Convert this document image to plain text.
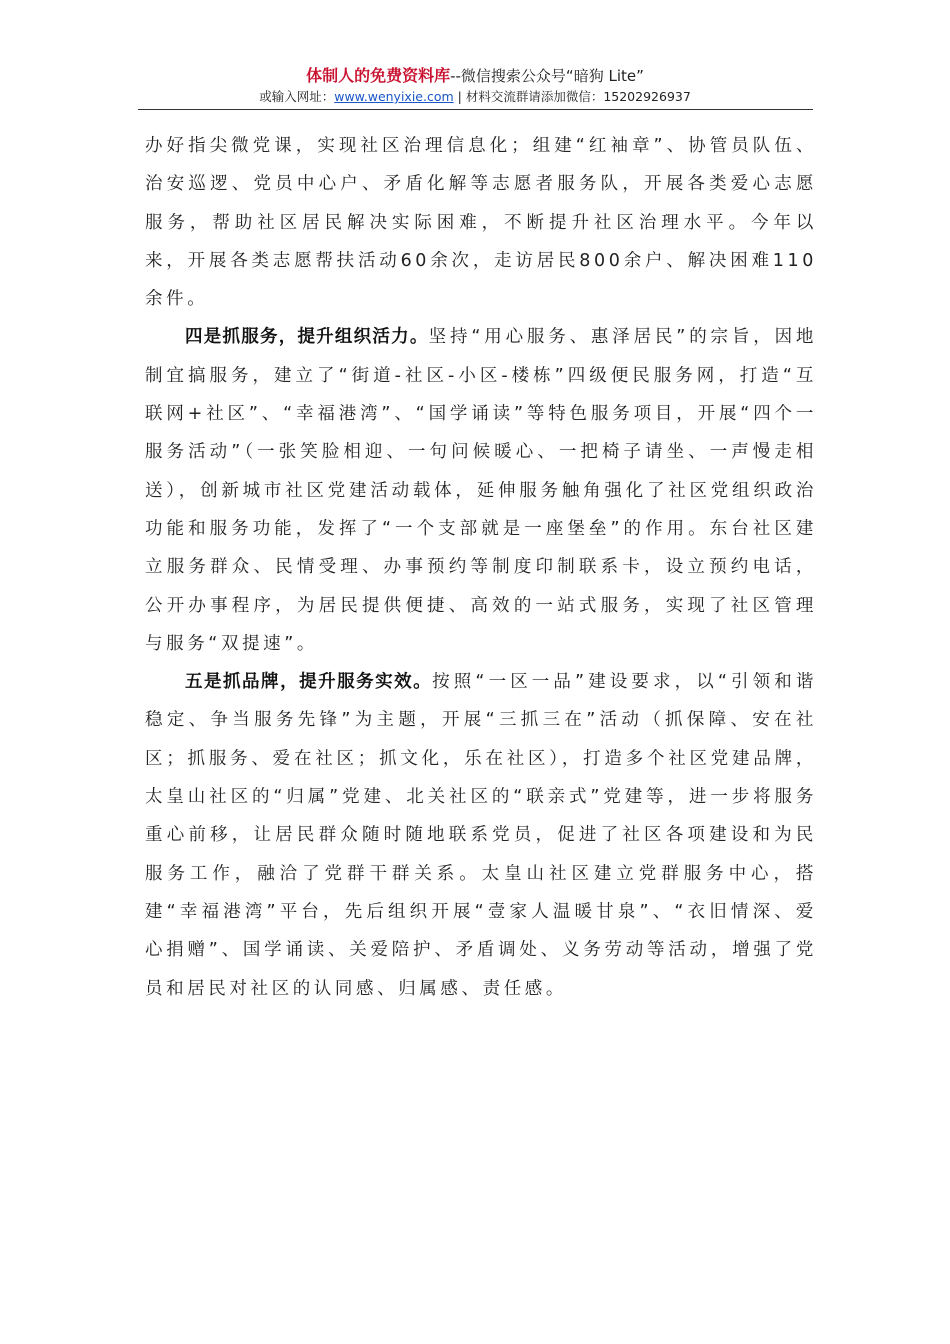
体制人的免费资料库--微信搜索公众号“暗狗 Lite”
或输入网址：www.wenyixie.com | 材料交流群请添加微信：15202926937

办好指尖微党课，实现社区治理信息化；组建“红袖章”、协管员队伍、治安巡逻、党员中心户、矛盾化解等志愿者服务队，开展各类爱心志愿服务，帮助社区居民解决实际困难，不断提升社区治理水平。今年以来，开展各类志愿帮扶活动60余次，走访居民800余户、解决困难110余件。

四是抓服务，提升组织活力。坚持“用心服务、惠泽居民”的宗旨，因地制宜搞服务，建立了“街道-社区-小区-楼栋”四级便民服务网，打造“互联网+社区”、“幸福港湾”、“国学诵读”等特色服务项目，开展“四个一服务活动”（一张笑脸相迎、一句问候暖心、一把椅子请坐、一声慢走相送），创新城市社区党建活动载体，延伸服务触角强化了社区党组织政治功能和服务功能，发挥了“一个支部就是一座堡垒”的作用。东台社区建立服务群众、民情受理、办事预约等制度印制联系卡，设立预约电话，公开办事程序，为居民提供便捷、高效的一站式服务，实现了社区管理与服务“双提速”。

五是抓品牌，提升服务实效。按照“一区一品”建设要求，以“引领和谐稳定、争当服务先锋”为主题，开展“三抓三在”活动（抓保障、安在社区；抓服务、爱在社区；抓文化，乐在社区），打造多个社区党建品牌，太皇山社区的“归属”党建、北关社区的“联亲式”党建等，进一步将服务重心前移，让居民群众随时随地联系党员，促进了社区各项建设和为民服务工作，融洽了党群干群关系。太皇山社区建立党群服务中心，搭建“幸福港湾”平台，先后组织开展“壹家人温暖甘泉”、“衣旧情深、爱心捐赠”、国学诵读、关爱陪护、矛盾调处、义务劳动等活动，增强了党员和居民对社区的认同感、归属感、责任感。
